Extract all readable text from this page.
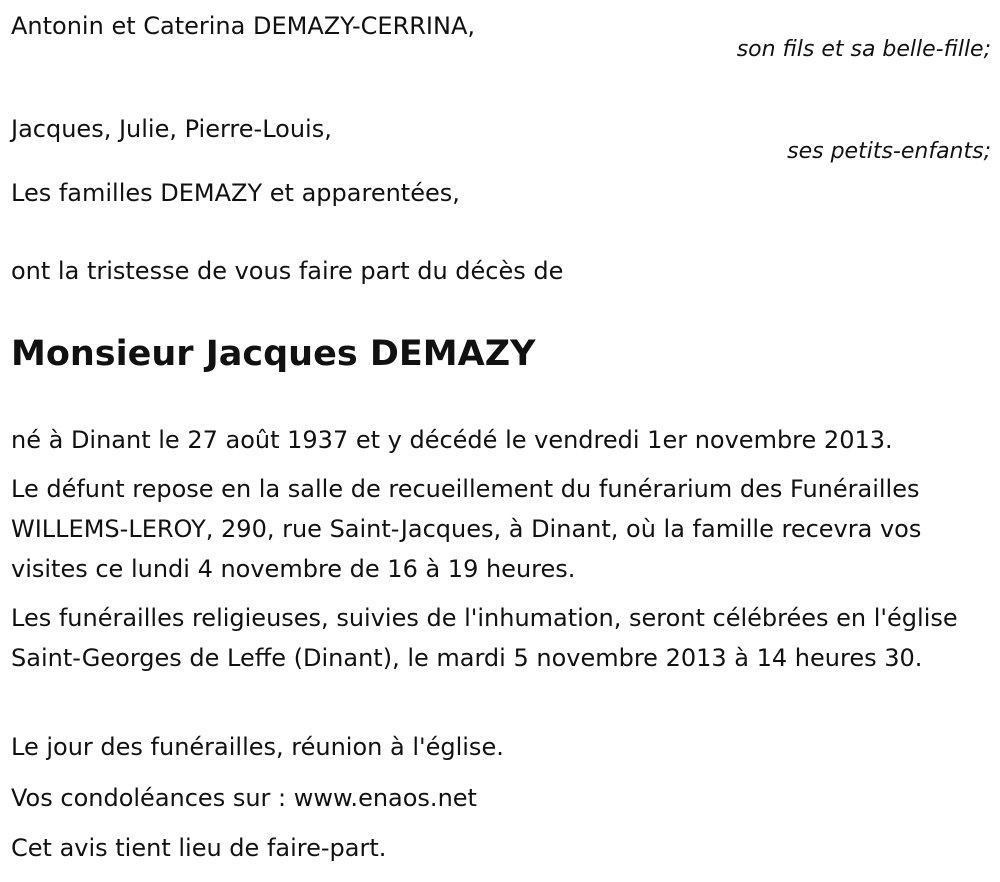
Antonin et Caterina DEMAZY-CERRINA,
son fils et sa belle-fille;
Jacques, Julie, Pierre-Louis,
ses petits-enfants;
Les familles DEMAZY et apparentées,
ont la tristesse de vous faire part du décès de
Monsieur Jacques DEMAZY
né à Dinant le 27 août 1937 et y décédé le vendredi 1er novembre 2013.
Le défunt repose en la salle de recueillement du funérarium des Funérailles WILLEMS-LEROY, 290, rue Saint-Jacques, à Dinant, où la famille recevra vos visites ce lundi 4 novembre de 16 à 19 heures.
Les funérailles religieuses, suivies de l'inhumation, seront célébrées en l'église Saint-Georges de Leffe (Dinant), le mardi 5 novembre 2013 à 14 heures 30.
Le jour des funérailles, réunion à l'église.
Vos condoléances sur : www.enaos.net
Cet avis tient lieu de faire-part.
